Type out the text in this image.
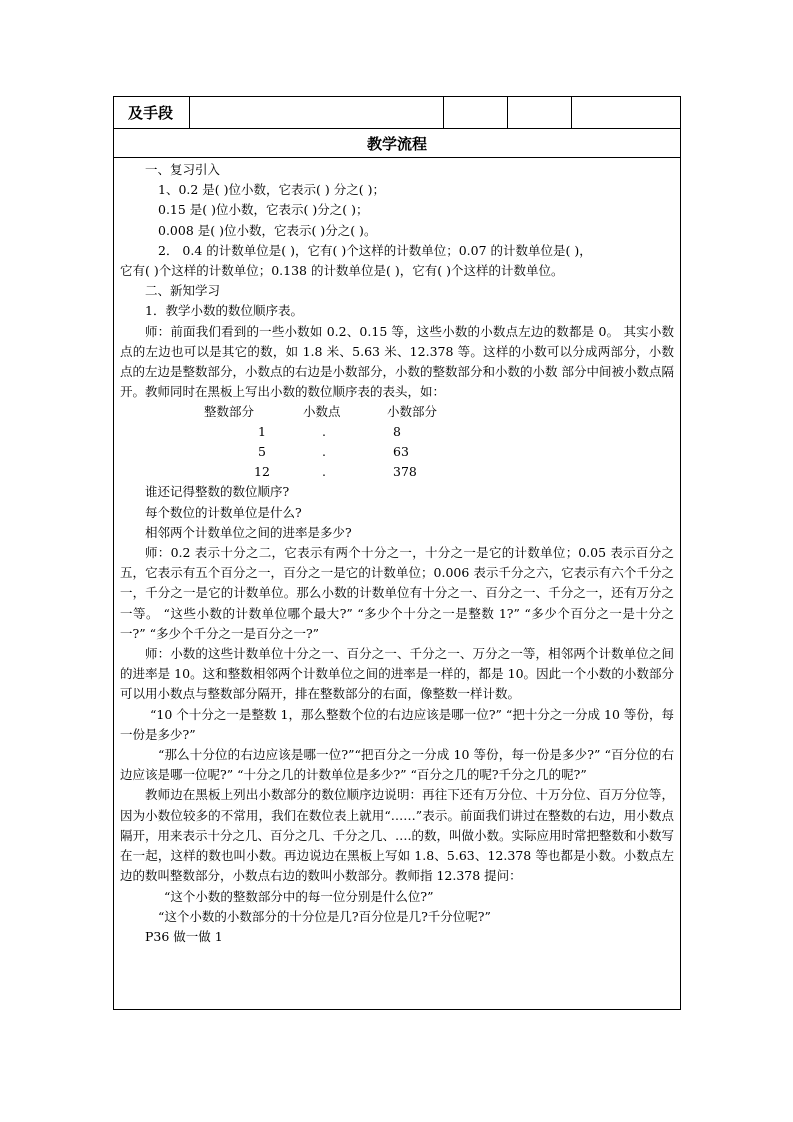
及手段
教学流程

一、复习引入

1、0.2 是( )位小数，它表示( ) 分之( )；

0.15 是( )位小数，它表示( )分之( )；

0.008 是( )位小数，它表示( )分之( )。

2． 0.4 的计数单位是( )，它有( )个这样的计数单位；0.07 的计数单位是( )，

它有( )个这样的计数单位；0.138 的计数单位是( )，它有( )个这样的计数单位。

二、新知学习

1．教学小数的数位顺序表。

师：前面我们看到的一些小数如 0.2、0.15 等，这些小数的小数点左边的数都是 0。 其实小数点的左边也可以是其它的数，如 1.8 米、5.63 米、12.378 等。这样的小数可以分成两部分，小数点的左边是整数部分，小数点的右边是小数部分，小数的整数部分和小数的小数 部分中间被小数点隔开。教师同时在黑板上写出小数的数位顺序表的表头，如：

整数部分	小数点	小数部分
1	.	8
5	.	63
12	.	378

谁还记得整数的数位顺序?

每个数位的计数单位是什么?

相邻两个计数单位之间的进率是多少?

师：0.2 表示十分之二，它表示有两个十分之一，十分之一是它的计数单位；0.05 表示百分之五，它表示有五个百分之一，百分之一是它的计数单位；0.006 表示千分之六，它表示有六个千分之一，千分之一是它的计数单位。那么小数的计数单位有十分之一、百分之一、千分之一，还有万分之一等。 “这些小数的计数单位哪个最大?” “多少个十分之一是整数 1?” “多少个百分之一是十分之一?” “多少个千分之一是百分之一?”

师：小数的这些计数单位十分之一、百分之一、千分之一、万分之一等，相邻两个计数单位之间的进率是 10。这和整数相邻两个计数单位之间的进率是一样的，都是 10。因此一个小数的小数部分可以用小数点与整数部分隔开，排在整数部分的右面，像整数一样计数。

“10 个十分之一是整数 1，那么整数个位的右边应该是哪一位?” “把十分之一分成 10 等份，每一份是多少?”

“那么十分位的右边应该是哪一位?”“把百分之一分成 10 等份，每一份是多少?” “百分位的右边应该是哪一位呢?” “十分之几的计数单位是多少?” “百分之几的呢?千分之几的呢?”

教师边在黑板上列出小数部分的数位顺序边说明：再往下还有万分位、十万分位、百万分位等，因为小数位较多的不常用，我们在数位表上就用“……”表示。前面我们讲过在整数的右边，用小数点隔开，用来表示十分之几、百分之几、千分之几、….的数，叫做小数。实际应用时常把整数和小数写在一起，这样的数也叫小数。再边说边在黑板上写如 1.8、5.63、12.378 等也都是小数。小数点左边的数叫整数部分，小数点右边的数叫小数部分。教师指 12.378 提问：

“这个小数的整数部分中的每一位分别是什么位?”

“这个小数的小数部分的十分位是几?百分位是几?千分位呢?”

P36 做一做 1
